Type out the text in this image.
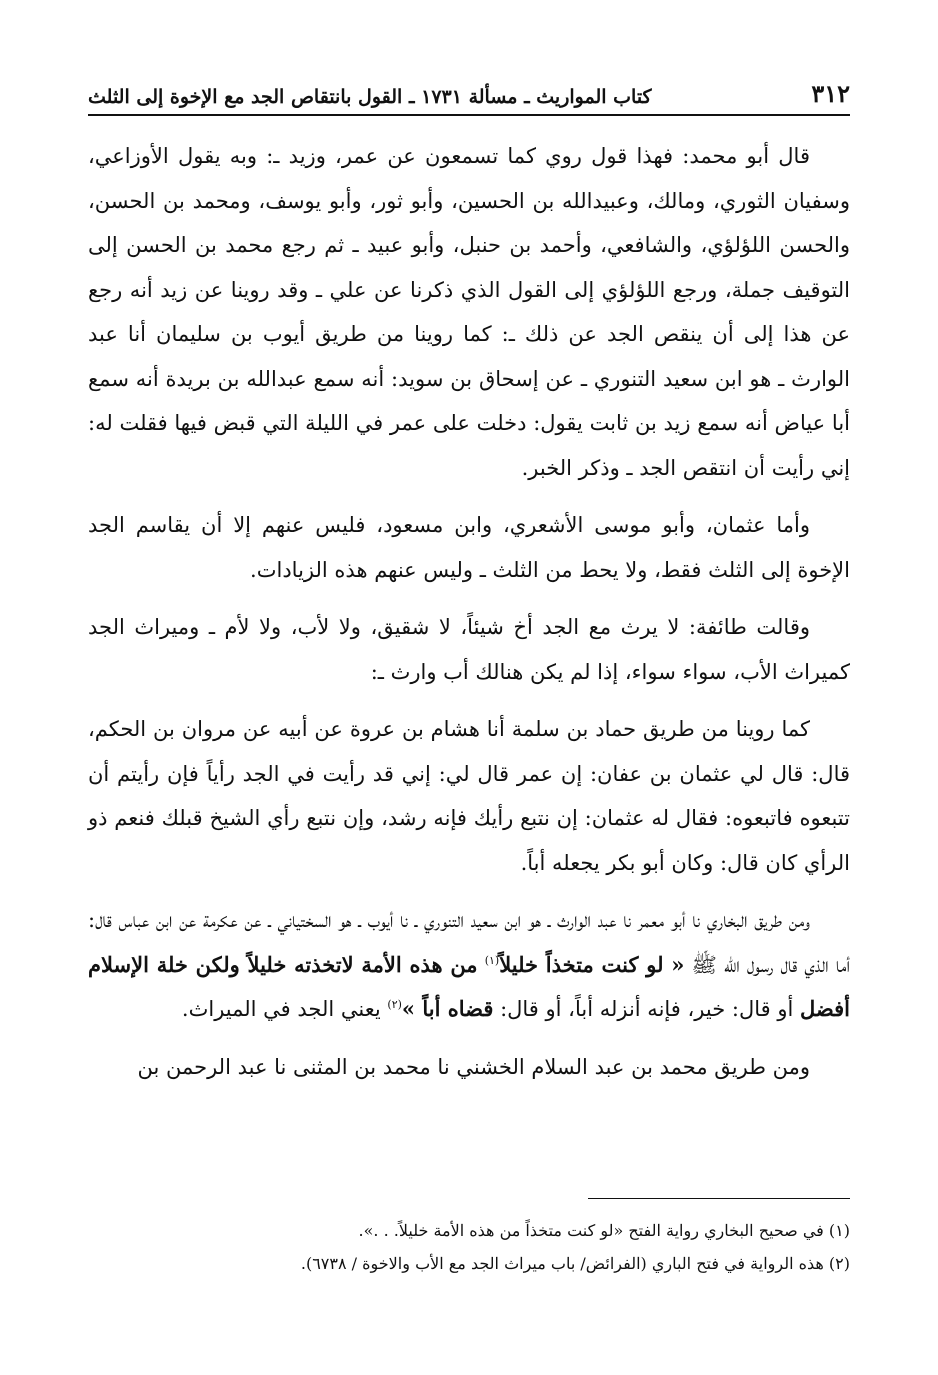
٣١٢
كتاب المواريث ـ مسألة ١٧٣١ ـ القول بانتقاص الجد مع الإخوة إلى الثلث

قال أبو محمد: فهذا قول روي كما تسمعون عن عمر، وزيد ـ: وبه يقول الأوزاعي، وسفيان الثوري، ومالك، وعبيدالله بن الحسين، وأبو ثور، وأبو يوسف، ومحمد بن الحسن، والحسن اللؤلؤي، والشافعي، وأحمد بن حنبل، وأبو عبيد ـ ثم رجع محمد بن الحسن إلى التوقيف جملة، ورجع اللؤلؤي إلى القول الذي ذكرنا عن علي ـ وقد روينا عن زيد أنه رجع عن هذا إلى أن ينقص الجد عن ذلك ـ: كما روينا من طريق أيوب بن سليمان أنا عبد الوارث ـ هو ابن سعيد التنوري ـ عن إسحاق بن سويد: أنه سمع عبدالله بن بريدة أنه سمع أبا عياض أنه سمع زيد بن ثابت يقول: دخلت على عمر في الليلة التي قبض فيها فقلت له: إني رأيت أن انتقص الجد ـ وذكر الخبر.

وأما عثمان، وأبو موسى الأشعري، وابن مسعود، فليس عنهم إلا أن يقاسم الجد الإخوة إلى الثلث فقط، ولا يحط من الثلث ـ وليس عنهم هذه الزيادات.

وقالت طائفة: لا يرث مع الجد أخ شيئاً، لا شقيق، ولا لأب، ولا لأم ـ وميراث الجد كميراث الأب، سواء سواء، إذا لم يكن هنالك أب وارث ـ:

كما روينا من طريق حماد بن سلمة أنا هشام بن عروة عن أبيه عن مروان بن الحكم، قال: قال لي عثمان بن عفان: إن عمر قال لي: إني قد رأيت في الجد رأياً فإن رأيتم أن تتبعوه فاتبعوه: فقال له عثمان: إن نتبع رأيك فإنه رشد، وإن نتبع رأي الشيخ قبلك فنعم ذو الرأي كان قال: وكان أبو بكر يجعله أباً.

ومن طريق البخاري نا أبو معمر نا عبد الوارث ـ هو ابن سعيد التنوري ـ نا أيوب ـ هو السختياني ـ عن عكرمة عن ابن عباس قال: أما الذي قال رسول الله ﷺ « لو كنت متخذاً خليلاً$^{(١)}$ من هذه الأمة لاتخذته خليلاً ولكن خلة الإسلام أفضل أو قال: خير، فإنه أنزله أباً، أو قال: قضاه أباً »$^{(٢)}$ يعني الجد في الميراث.

ومن طريق محمد بن عبد السلام الخشني نا محمد بن المثنى نا عبد الرحمن بن

(١) في صحيح البخاري رواية الفتح «لو كنت متخذاً من هذه الأمة خليلاً. . .».

(٢) هذه الرواية في فتح الباري (الفرائض/ باب ميراث الجد مع الأب والاخوة / ٦٧٣٨).
